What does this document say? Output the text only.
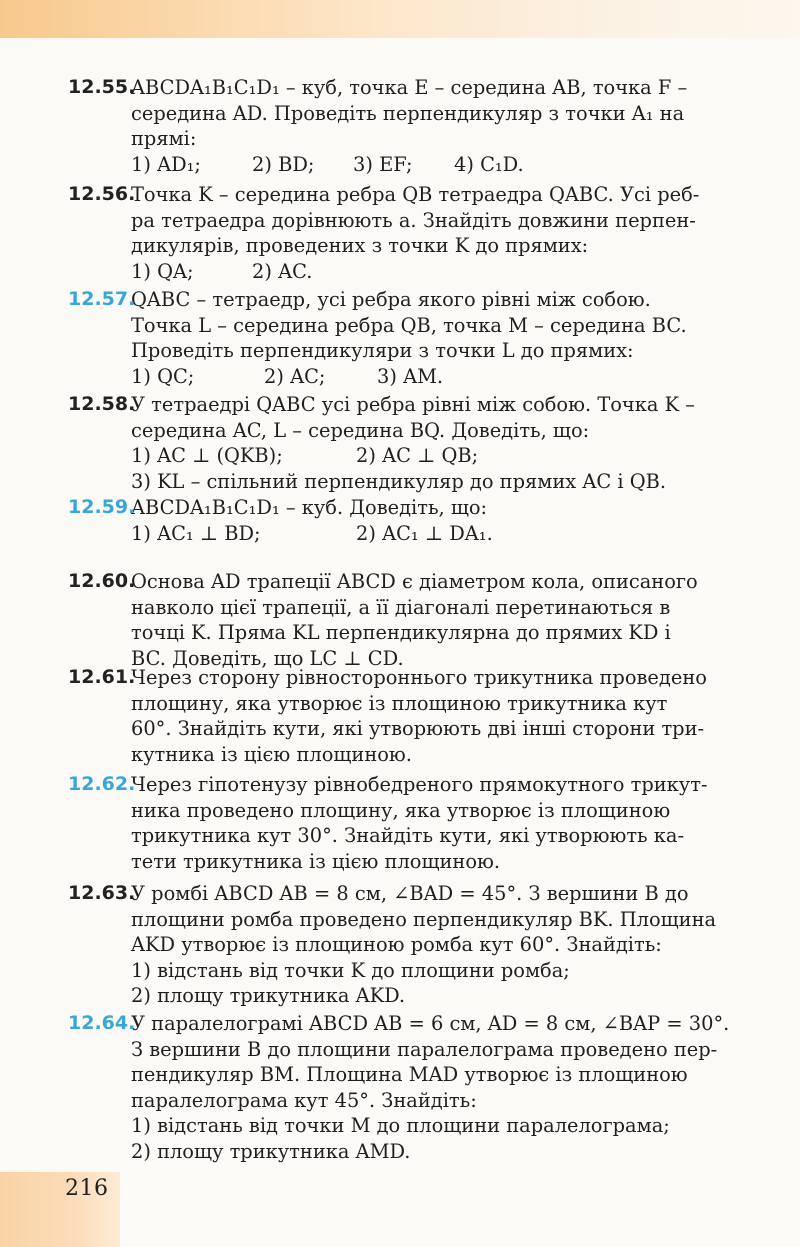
216
12.55.
ABCDA₁B₁C₁D₁ – куб, точка E – середина AB, точка F –
середина AD. Проведіть перпендикуляр з точки A₁ на
прямі:
1) AD₁;	2) BD;	3) EF;	4) C₁D.
12.56.
Точка K – середина ребра QB тетраедра QABC. Усі реб-
ра тетраедра дорівнюють a. Знайдіть довжини перпен-
дикулярів, проведених з точки K до прямих:
1) QA;	2) AC.
12.57.
QABC – тетраедр, усі ребра якого рівні між собою.
Точка L – середина ребра QB, точка M – середина BC.
Проведіть перпендикуляри з точки L до прямих:
1) QC;	2) AC;	3) AM.
12.58.
У тетраедрі QABC усі ребра рівні між собою. Точка K –
середина AC, L – середина BQ. Доведіть, що:
1) AC ⊥ (QKB);	2) AC ⊥ QB;
3) KL – спільний перпендикуляр до прямих AC і QB.
12.59.
ABCDA₁B₁C₁D₁ – куб. Доведіть, що:
1) AC₁ ⊥ BD;	2) AC₁ ⊥ DA₁.
12.60.
Основа AD трапеції ABCD є діаметром кола, описаного
навколо цієї трапеції, а її діагоналі перетинаються в
точці K. Пряма KL перпендикулярна до прямих KD і
BC. Доведіть, що LC ⊥ CD.
12.61.
Через сторону рівностороннього трикутника проведено
площину, яка утворює із площиною трикутника кут
60°. Знайдіть кути, які утворюють дві інші сторони три-
кутника із цією площиною.
12.62.
Через гіпотенузу рівнобедреного прямокутного трикут-
ника проведено площину, яка утворює із площиною
трикутника кут 30°. Знайдіть кути, які утворюють ка-
тети трикутника із цією площиною.
12.63.
У ромбі ABCD AB = 8 см, ∠BAD = 45°. З вершини B до
площини ромба проведено перпендикуляр BK. Площина
AKD утворює із площиною ромба кут 60°. Знайдіть:
1) відстань від точки K до площини ромба;
2) площу трикутника AKD.
12.64.
У паралелограмі ABCD AB = 6 см, AD = 8 см, ∠BAP = 30°.
З вершини B до площини паралелограма проведено пер-
пендикуляр BM. Площина MAD утворює із площиною
паралелограма кут 45°. Знайдіть:
1) відстань від точки M до площини паралелограма;
2) площу трикутника AMD.
